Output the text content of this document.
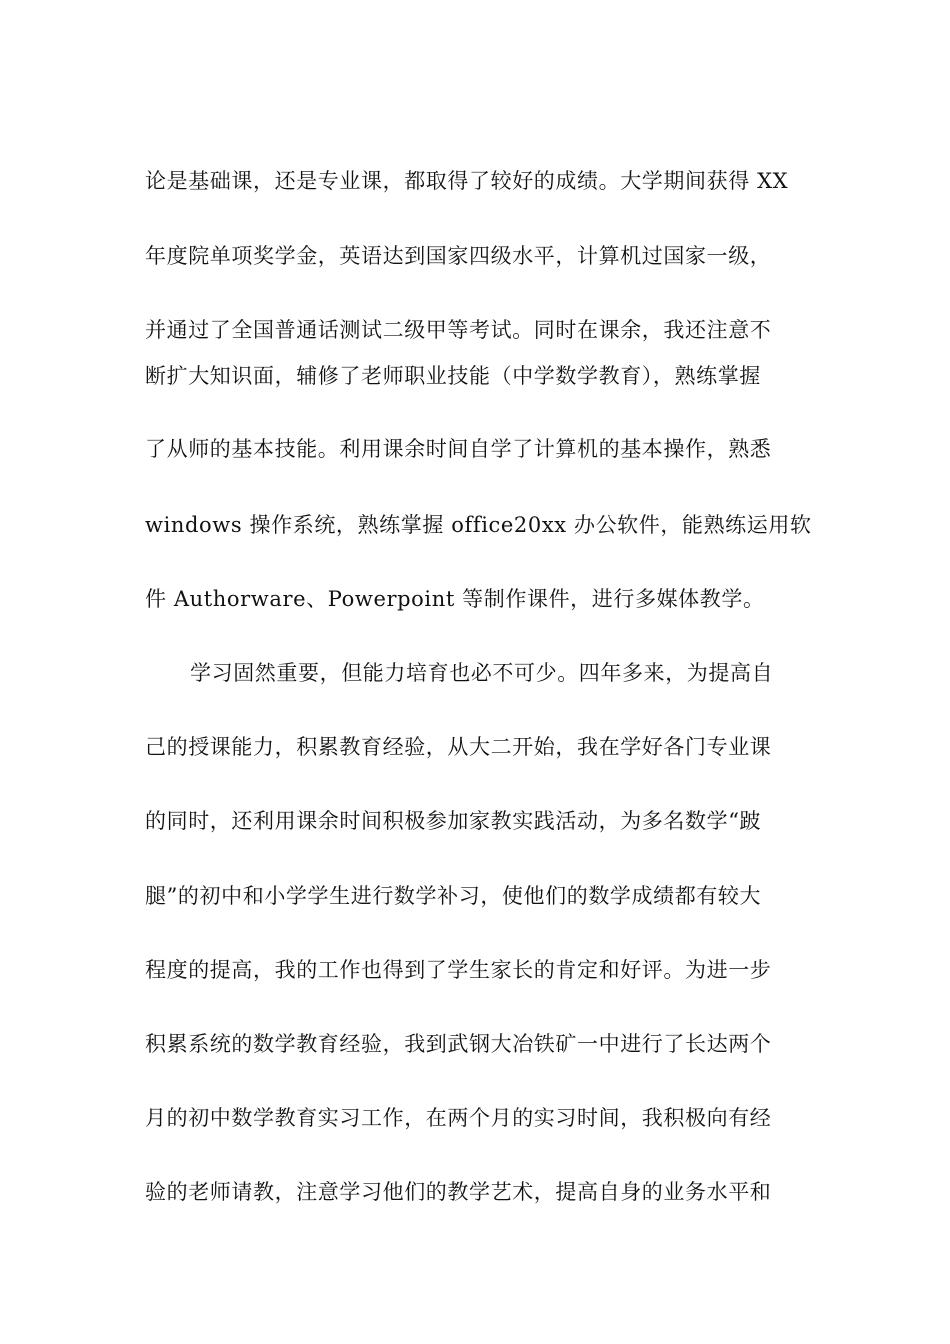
论是基础课，还是专业课，都取得了较好的成绩。大学期间获得 XX
年度院单项奖学金，英语达到国家四级水平，计算机过国家一级，
并通过了全国普通话测试二级甲等考试。同时在课余，我还注意不
断扩大知识面，辅修了老师职业技能（中学数学教育），熟练掌握
了从师的基本技能。利用课余时间自学了计算机的基本操作，熟悉
windows 操作系统，熟练掌握 office20xx 办公软件，能熟练运用软
件 Authorware、Powerpoint 等制作课件，进行多媒体教学。
学习固然重要，但能力培育也必不可少。四年多来，为提高自
己的授课能力，积累教育经验，从大二开始，我在学好各门专业课
的同时，还利用课余时间积极参加家教实践活动，为多名数学“跛
腿”的初中和小学学生进行数学补习，使他们的数学成绩都有较大
程度的提高，我的工作也得到了学生家长的肯定和好评。为进一步
积累系统的数学教育经验，我到武钢大冶铁矿一中进行了长达两个
月的初中数学教育实习工作，在两个月的实习时间，我积极向有经
验的老师请教，注意学习他们的教学艺术，提高自身的业务水平和
